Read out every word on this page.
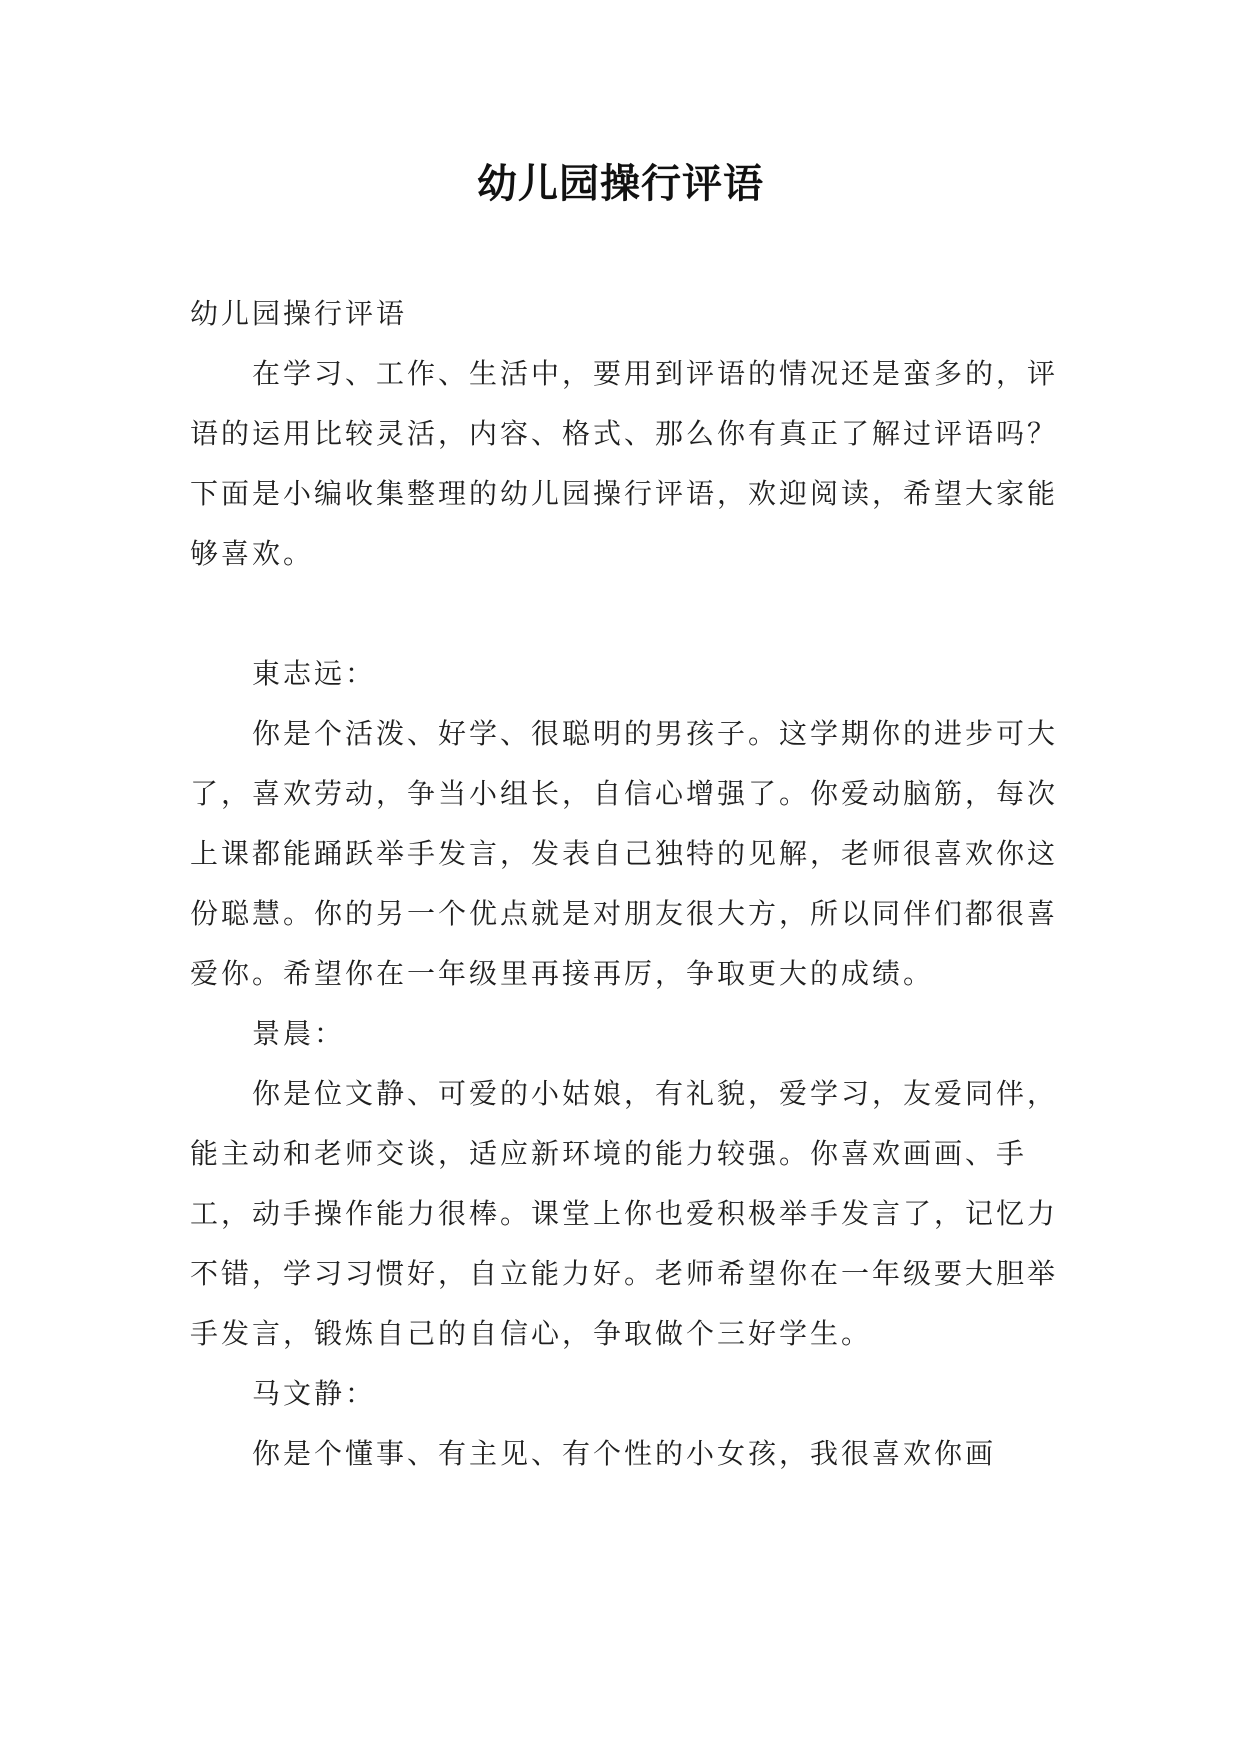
幼儿园操行评语

幼儿园操行评语

在学习、工作、生活中，要用到评语的情况还是蛮多的，评语的运用比较灵活，内容、格式、那么你有真正了解过评语吗？下面是小编收集整理的幼儿园操行评语，欢迎阅读，希望大家能够喜欢。

東志远：

你是个活泼、好学、很聪明的男孩子。这学期你的进步可大了，喜欢劳动，争当小组长，自信心增强了。你爱动脑筋，每次上课都能踊跃举手发言，发表自己独特的见解，老师很喜欢你这份聪慧。你的另一个优点就是对朋友很大方，所以同伴们都很喜爱你。希望你在一年级里再接再厉，争取更大的成绩。

景晨：

你是位文静、可爱的小姑娘，有礼貌，爱学习，友爱同伴，能主动和老师交谈，适应新环境的能力较强。你喜欢画画、手工，动手操作能力很棒。课堂上你也爱积极举手发言了，记忆力不错，学习习惯好，自立能力好。老师希望你在一年级要大胆举手发言，锻炼自己的自信心，争取做个三好学生。

马文静：

你是个懂事、有主见、有个性的小女孩，我很喜欢你画
